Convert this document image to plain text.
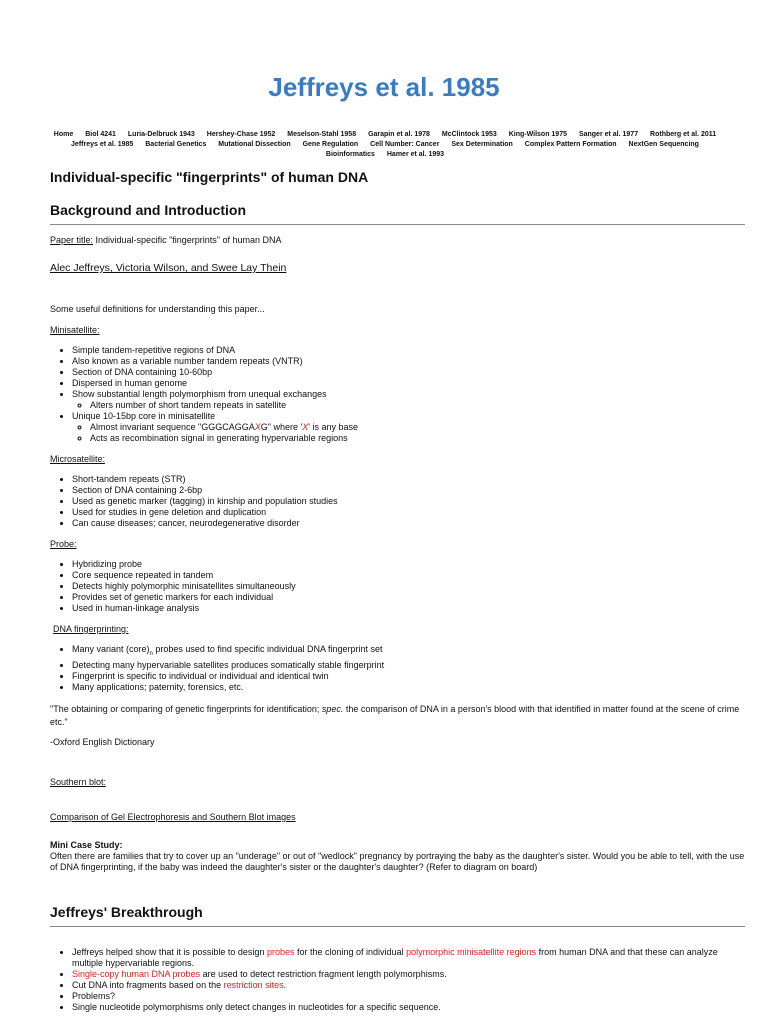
Jeffreys et al. 1985
Home Biol 4241 Luria-Delbruck 1943 Hershey-Chase 1952 Meselson-Stahl 1958 Garapin et al. 1978 McClintock 1953 King-Wilson 1975 Sanger et al. 1977 Rothberg et al. 2011
Jeffreys et al. 1985 Bacterial Genetics Mutational Dissection Gene Regulation Cell Number: Cancer Sex Determination Complex Pattern Formation NextGen Sequencing
Bioinformatics Hamer et al. 1993
Individual-specific "fingerprints" of human DNA
Background and Introduction

Paper title: Individual-specific "fingerprints" of human DNA

Alec Jeffreys, Victoria Wilson, and Swee Lay Thein

Some useful definitions for understanding this paper...

Minisatellite:

• Simple tandem-repetitive regions of DNA
• Also known as a variable number tandem repeats (VNTR)
• Section of DNA containing 10-60bp
• Dispersed in human genome
• Show substantial length polymorphism from unequal exchanges
◦ Alters number of short tandem repeats in satellite
• Unique 10-15bp core in minisatellite
◦ Almost invariant sequence "GGGCAGGAXG" where 'X' is any base
◦ Acts as recombination signal in generating hypervariable regions

Microsatellite:

• Short-tandem repeats (STR)
• Section of DNA containing 2-6bp
• Used as genetic marker (tagging) in kinship and population studies
• Used for studies in gene deletion and duplication
• Can cause diseases; cancer, neurodegenerative disorder

Probe:

• Hybridizing probe
• Core sequence repeated in tandem
• Detects highly polymorphic minisatellites simultaneously
• Provides set of genetic markers for each individual
• Used in human-linkage analysis

DNA fingerprinting:

• Many variant $(core)_n$ probes used to find specific individual DNA fingerprint set
• Detecting many hypervariable satellites produces somatically stable fingerprint
• Fingerprint is specific to individual or individual and identical twin
• Many applications; paternity, forensics, etc.

"The obtaining or comparing of genetic fingerprints for identification; spec. the comparison of DNA in a person's blood with that identified in matter found at the scene of crime etc."

-Oxford English Dictionary

Southern blot:

Comparison of Gel Electrophoresis and Southern Blot images

Mini Case Study:

Often there are families that try to cover up an "underage" or out of "wedlock" pregnancy by portraying the baby as the daughter's sister. Would you be able to tell, with the use of DNA fingerprinting, if the baby was indeed the daughter's sister or the daughter's daughter? (Refer to diagram on board)

Jeffreys' Breakthrough
• Jeffreys helped show that it is possible to design probes for the cloning of individual polymorphic minisatellite regions from human DNA and that these can analyze multiple hypervariable regions.
• Single-copy human DNA probes are used to detect restriction fragment length polymorphisms.
• Cut DNA into fragments based on the restriction sites.
• Problems?
• Single nucleotide polymorphisms only detect changes in nucleotides for a specific sequence.
